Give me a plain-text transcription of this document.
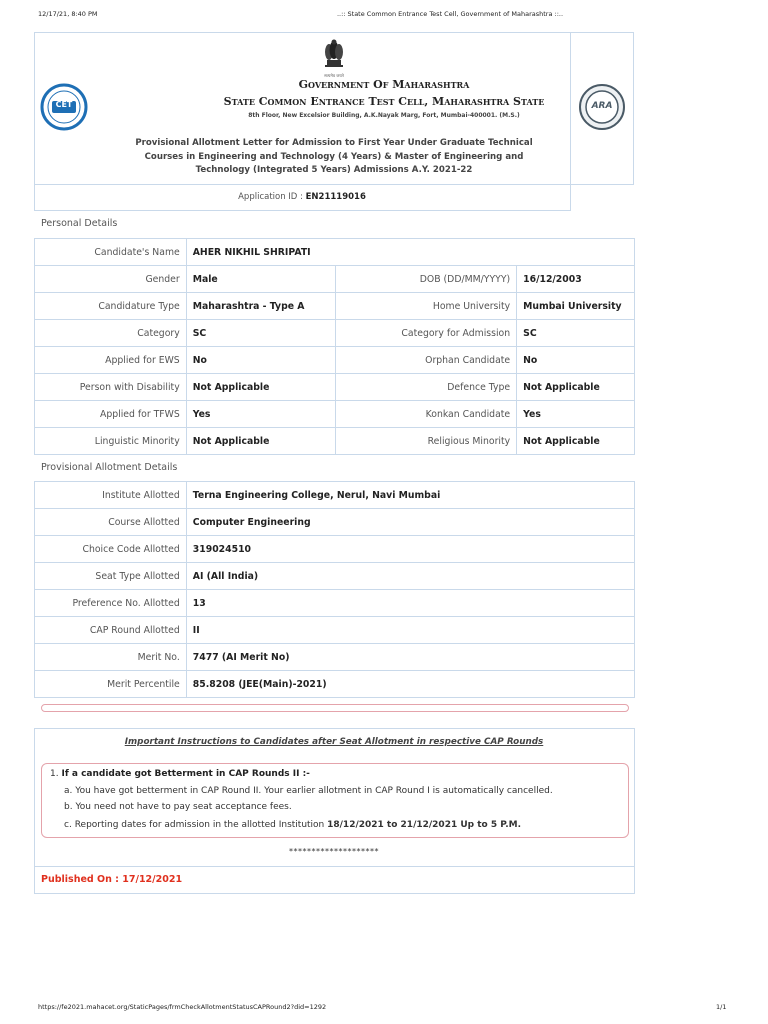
12/17/21, 8:40 PM	..:: State Common Entrance Test Cell, Government of Maharashtra ::..
सत्यमेव जयते
CET	ARA
Government Of Maharashtra
State Common Entrance Test Cell, Maharashtra State
8th Floor, New Excelsior Building, A.K.Nayak Marg, Fort, Mumbai-400001. (M.S.)
Provisional Allotment Letter for Admission to First Year Under Graduate Technical
Courses in Engineering and Technology (4 Years) & Master of Engineering and
Technology (Integrated 5 Years) Admissions A.Y. 2021-22
Application ID : EN21119016
Personal Details
Candidate's Name	AHER NIKHIL SHRIPATI		
Gender	Male	DOB (DD/MM/YYYY)	16/12/2003
Candidature Type	Maharashtra - Type A	Home University	Mumbai University
Category	SC	Category for Admission	SC
Applied for EWS	No	Orphan Candidate	No
Person with Disability	Not Applicable	Defence Type	Not Applicable
Applied for TFWS	Yes	Konkan Candidate	Yes
Linguistic Minority	Not Applicable	Religious Minority	Not Applicable
Provisional Allotment Details
Institute Allotted	Terna Engineering College, Nerul, Navi Mumbai
Course Allotted	Computer Engineering
Choice Code Allotted	319024510
Seat Type Allotted	AI (All India)
Preference No. Allotted	13
CAP Round Allotted	II
Merit No.	7477 (AI Merit No)
Merit Percentile	85.8208 (JEE(Main)-2021)
Important Instructions to Candidates after Seat Allotment in respective CAP Rounds
1. If a candidate got Betterment in CAP Rounds II :-
a. You have got betterment in CAP Round II. Your earlier allotment in CAP Round I is automatically cancelled.
b. You need not have to pay seat acceptance fees.
c. Reporting dates for admission in the allotted Institution 18/12/2021 to 21/12/2021 Up to 5 P.M.
********************
Published On : 17/12/2021
https://fe2021.mahacet.org/StaticPages/frmCheckAllotmentStatusCAPRound2?did=1292	1/1
